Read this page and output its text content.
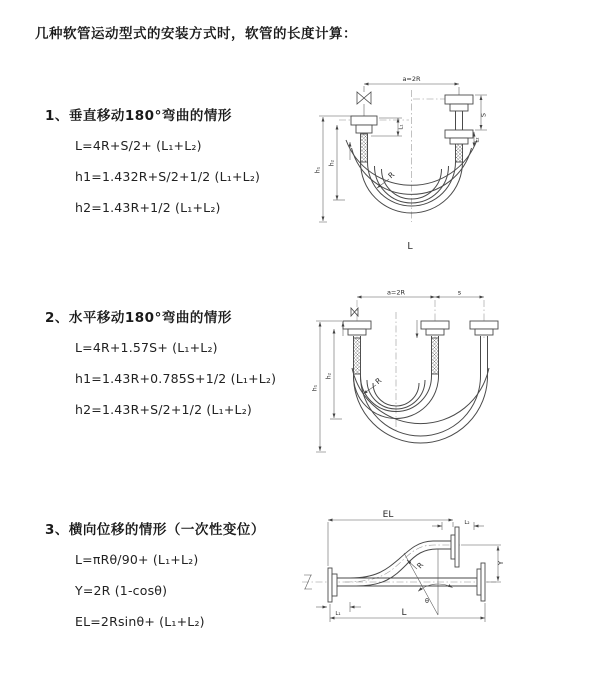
几种软管运动型式的安装方式时，软管的长度计算：
1、垂直移动180°弯曲的情形
L=4R+S/2+ (L₁+L₂)
h1=1.432R+S/2+1/2 (L₁+L₂)
h2=1.43R+1/2 (L₁+L₂)
a=2R
S
L₂
L₁
h₁
h₂
R
L
2、水平移动180°弯曲的情形
L=4R+1.57S+ (L₁+L₂)
h1=1.43R+0.785S+1/2 (L₁+L₂)
h2=1.43R+S/2+1/2 (L₁+L₂)
a=2R	s
h₁
h₂	R
3、横向位移的情形（一次性变位）
L=πRθ/90+ (L₁+L₂)
Y=2R (1-cosθ)
EL=2Rsinθ+ (L₁+L₂)
EL
L₂
Y
θ
R
L
L₁
